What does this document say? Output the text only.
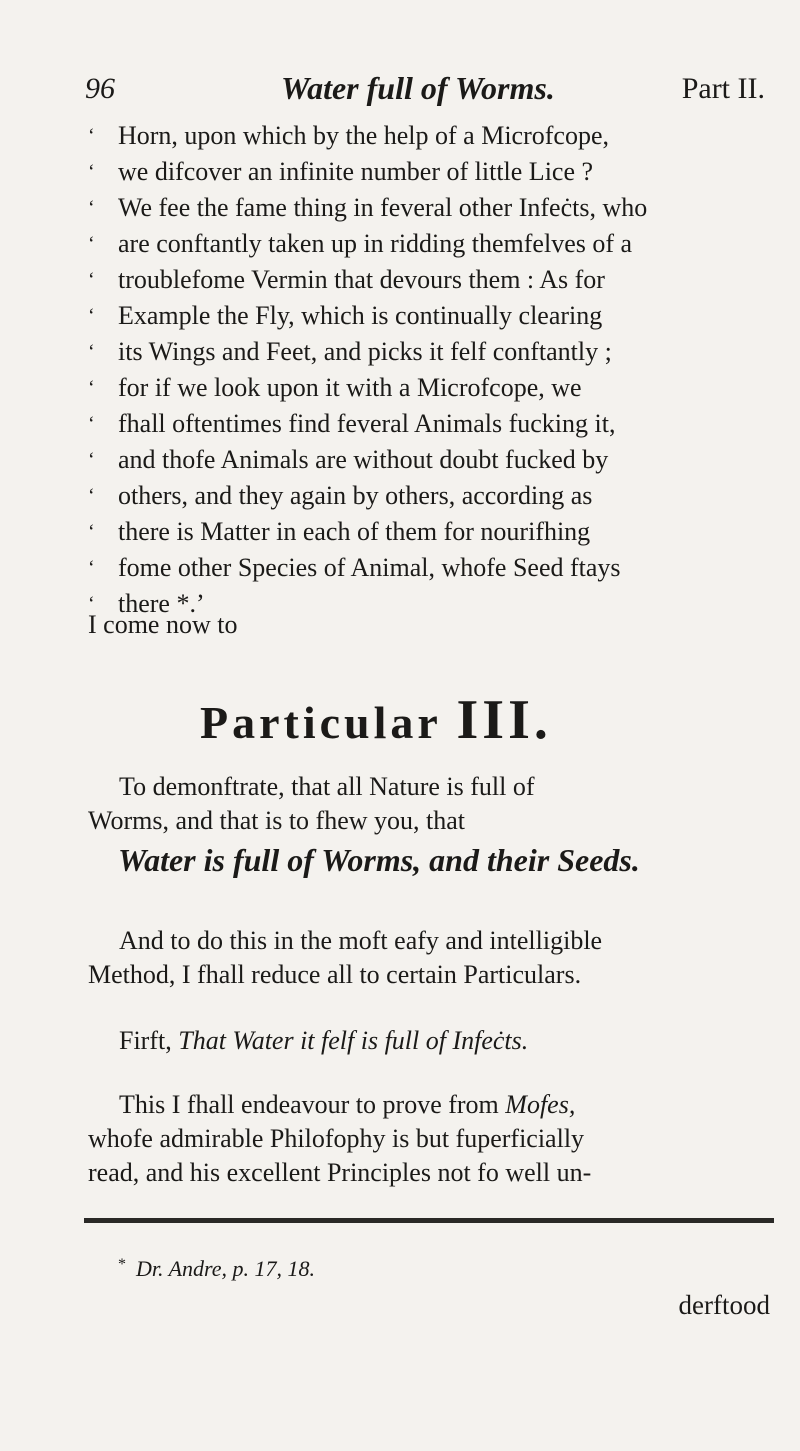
96	Water full of Worms.	Part II.
‘ Horn, upon which by the help of a Microfcope,
‘ we difcover an infinite number of little Lice ?
‘ We fee the fame thing in feveral other Infeċts, who
‘ are conftantly taken up in ridding themfelves of a
‘ troublefome Vermin that devours them : As for
‘ Example the Fly, which is continually clearing
‘ its Wings and Feet, and picks it felf conftantly ;
‘ for if we look upon it with a Microfcope, we
‘ fhall oftentimes find feveral Animals fucking it,
‘ and thofe Animals are without doubt fucked by
‘ others, and they again by others, according as
‘ there is Matter in each of them for nourifhing
‘ fome other Species of Animal, whofe Seed ftays
‘ there *.’
I come now to
Particular III.
To demonftrate, that all Nature is full of
Worms, and that is to fhew you, that
Water is full of Worms, and their Seeds.
And to do this in the moft eafy and intelligible
Method, I fhall reduce all to certain Particulars.
Firft, That Water it felf is full of Infeċts.
This I fhall endeavour to prove from Mofes,
whofe admirable Philofophy is but fuperficially
read, and his excellent Principles not fo well un-
* Dr. Andre, p. 17, 18.
derftood
